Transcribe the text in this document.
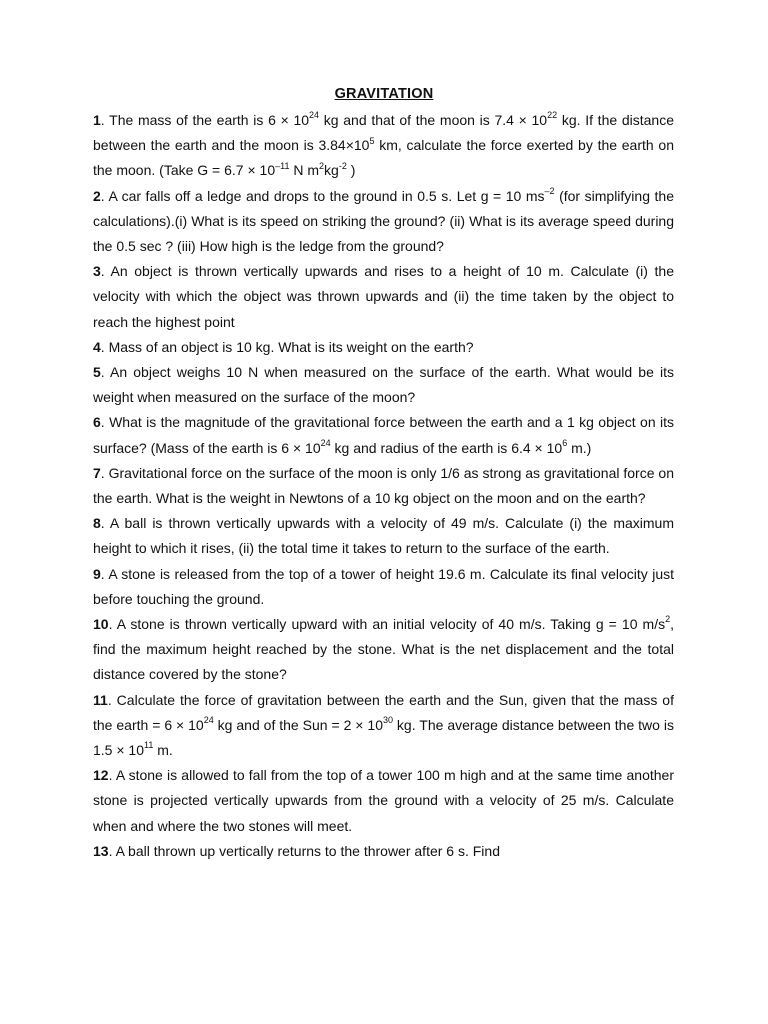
GRAVITATION

1. The mass of the earth is $6 \times 10^{24}$ kg and that of the moon is $7.4 \times 10^{22}$ kg. If the distance between the earth and the moon is $3.84\times 10^5$ km, calculate the force exerted by the earth on the moon. (Take $G = 6.7 \times 10^{-11}$ N $m^2kg^{-2}$ )

2. A car falls off a ledge and drops to the ground in 0.5 s. Let g = 10 $ms^{-2}$ (for simplifying the calculations).(i) What is its speed on striking the ground? (ii) What is its average speed during the 0.5 sec ? (iii) How high is the ledge from the ground?

3. An object is thrown vertically upwards and rises to a height of 10 m. Calculate (i) the velocity with which the object was thrown upwards and (ii) the time taken by the object to reach the highest point

4. Mass of an object is 10 kg. What is its weight on the earth?

5. An object weighs 10 N when measured on the surface of the earth. What would be its weight when measured on the surface of the moon?

6. What is the magnitude of the gravitational force between the earth and a 1 kg object on its surface? (Mass of the earth is $6 \times 10^{24}$ kg and radius of the earth is $6.4 \times 10^6$ m.)

7. Gravitational force on the surface of the moon is only 1/6 as strong as gravitational force on the earth. What is the weight in Newtons of a 10 kg object on the moon and on the earth?

8. A ball is thrown vertically upwards with a velocity of 49 m/s. Calculate (i) the maximum height to which it rises, (ii) the total time it takes to return to the surface of the earth.

9. A stone is released from the top of a tower of height 19.6 m. Calculate its final velocity just before touching the ground.

10. A stone is thrown vertically upward with an initial velocity of 40 m/s. Taking g = 10 $m/s^2$, find the maximum height reached by the stone. What is the net displacement and the total distance covered by the stone?

11. Calculate the force of gravitation between the earth and the Sun, given that the mass of the earth = $6 \times 10^{24}$ kg and of the Sun = $2 \times 10^{30}$ kg. The average distance between the two is $1.5 \times 10^{11}$ m.

12. A stone is allowed to fall from the top of a tower 100 m high and at the same time another stone is projected vertically upwards from the ground with a velocity of 25 m/s. Calculate when and where the two stones will meet.

13. A ball thrown up vertically returns to the thrower after 6 s. Find
